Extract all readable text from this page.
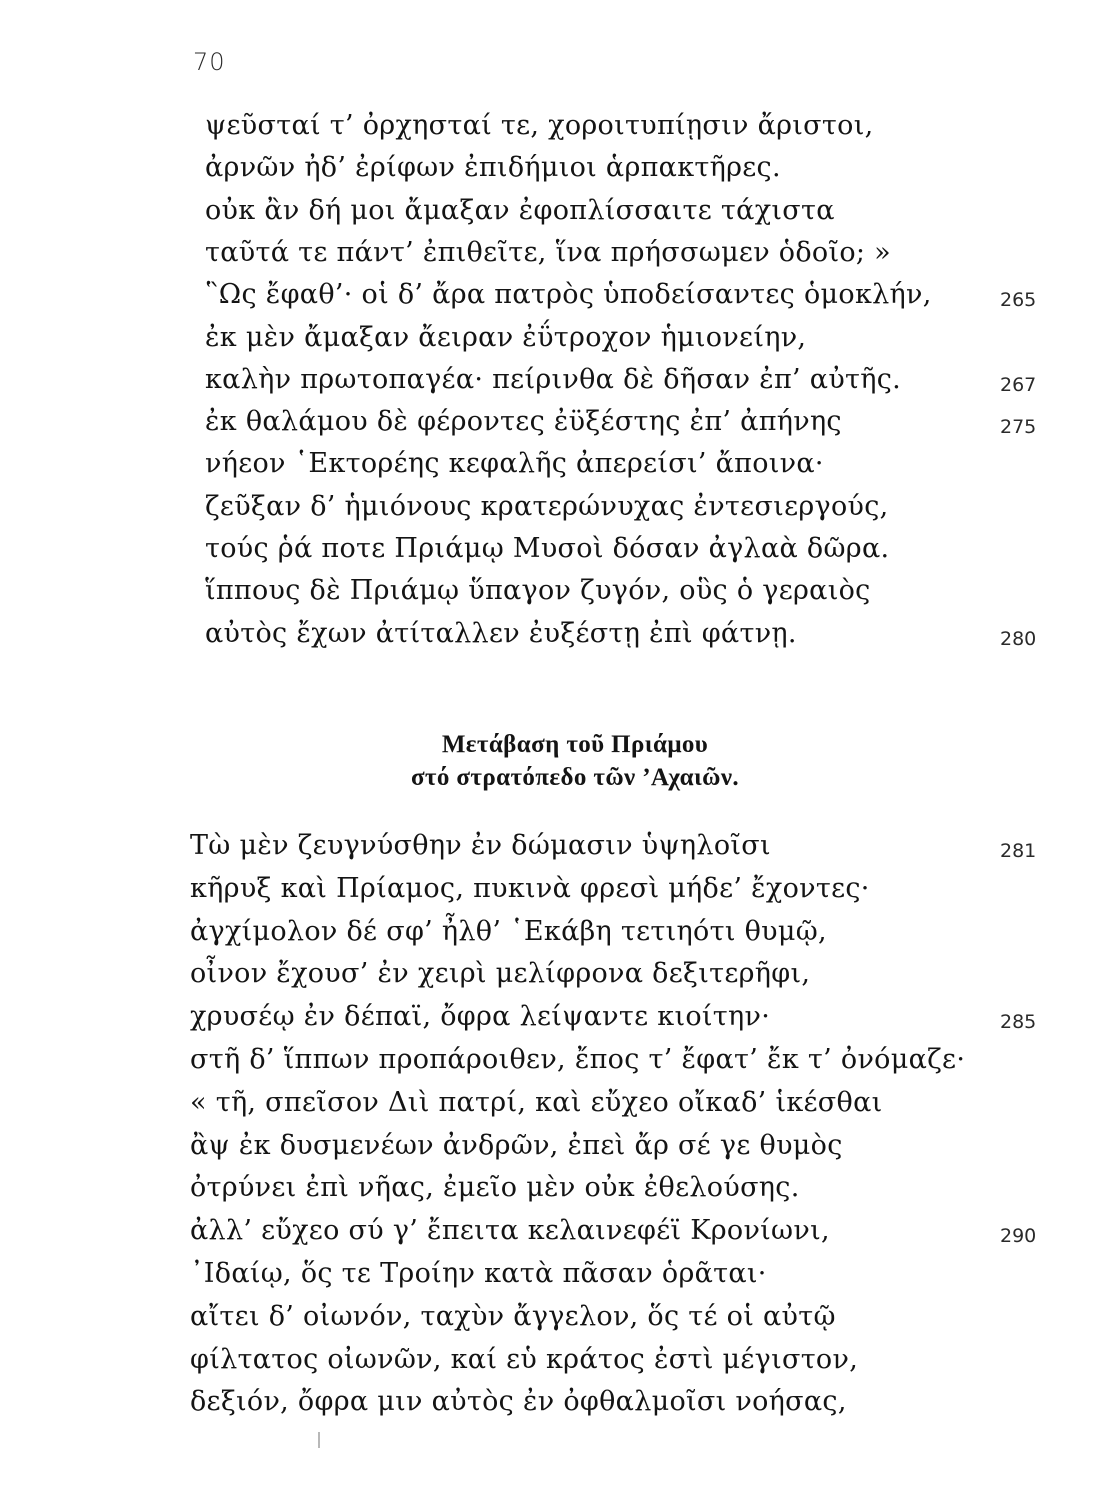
70
ψεῦσταί τ’ ὀρχησταί τε, χοροιτυπίῃσιν ἄριστοι,
ἀρνῶν ἠδ’ ἐρίφων ἐπιδήμιοι ἁρπακτῆρες.
οὐκ ἂν δή μοι ἄμαξαν ἐφοπλίσσαιτε τάχιστα
ταῦτά τε πάντ’ ἐπιθεῖτε, ἵνα πρήσσωμεν ὁδοῖο; »
῝Ως ἔφαθ’· οἱ δ’ ἄρα πατρὸς ὑποδείσαντες ὁμοκλήν,	265
ἐκ μὲν ἄμαξαν ἄειραν ἐΰτροχον ἡμιονείην,
καλὴν πρωτοπαγέα· πείρινθα δὲ δῆσαν ἐπ’ αὐτῆς.	267
ἐκ θαλάμου δὲ φέροντες ἐϋξέστης ἐπ’ ἀπήνης	275
νήεον ῾Εκτορέης κεφαλῆς ἀπερείσι’ ἄποινα·
ζεῦξαν δ’ ἡμιόνους κρατερώνυχας ἐντεσιεργούς,
τούς ῥά ποτε Πριάμῳ Μυσοὶ δόσαν ἀγλαὰ δῶρα.
ἵππους δὲ Πριάμῳ ὕπαγον ζυγόν, οὓς ὁ γεραιὸς
αὐτὸς ἔχων ἀτίταλλεν ἐυξέστῃ ἐπὶ φάτνῃ.	280
Μετάβαση τοῦ Πριάμου
στό στρατόπεδο τῶν ’Αχαιῶν.
Τὼ μὲν ζευγνύσθην ἐν δώμασιν ὑψηλοῖσι	281
κῆρυξ καὶ Πρίαμος, πυκινὰ φρεσὶ μήδε’ ἔχοντες·
ἀγχίμολον δέ σφ’ ἦλθ’ ῾Εκάβη τετιηότι θυμῷ,
οἶνον ἔχουσ’ ἐν χειρὶ μελίφρονα δεξιτερῆφι,
χρυσέῳ ἐν δέπαϊ, ὄφρα λείψαντε κιοίτην·	285
στῆ δ’ ἵππων προπάροιθεν, ἔπος τ’ ἔφατ’ ἔκ τ’ ὀνόμαζε·
« τῆ, σπεῖσον Διὶ πατρί, καὶ εὔχεο οἴκαδ’ ἱκέσθαι
ἂψ ἐκ δυσμενέων ἀνδρῶν, ἐπεὶ ἄρ σέ γε θυμὸς
ὀτρύνει ἐπὶ νῆας, ἐμεῖο μὲν οὐκ ἐθελούσης.
ἀλλ’ εὔχεο σύ γ’ ἔπειτα κελαινεφέϊ Κρονίωνι,	290
᾿Ιδαίῳ, ὅς τε Τροίην κατὰ πᾶσαν ὁρᾶται·
αἴτει δ’ οἰωνόν, ταχὺν ἄγγελον, ὅς τέ οἱ αὐτῷ
φίλτατος οἰωνῶν, καί εὑ κράτος ἐστὶ μέγιστον,
δεξιόν, ὄφρα μιν αὐτὸς ἐν ὀφθαλμοῖσι νοήσας,
